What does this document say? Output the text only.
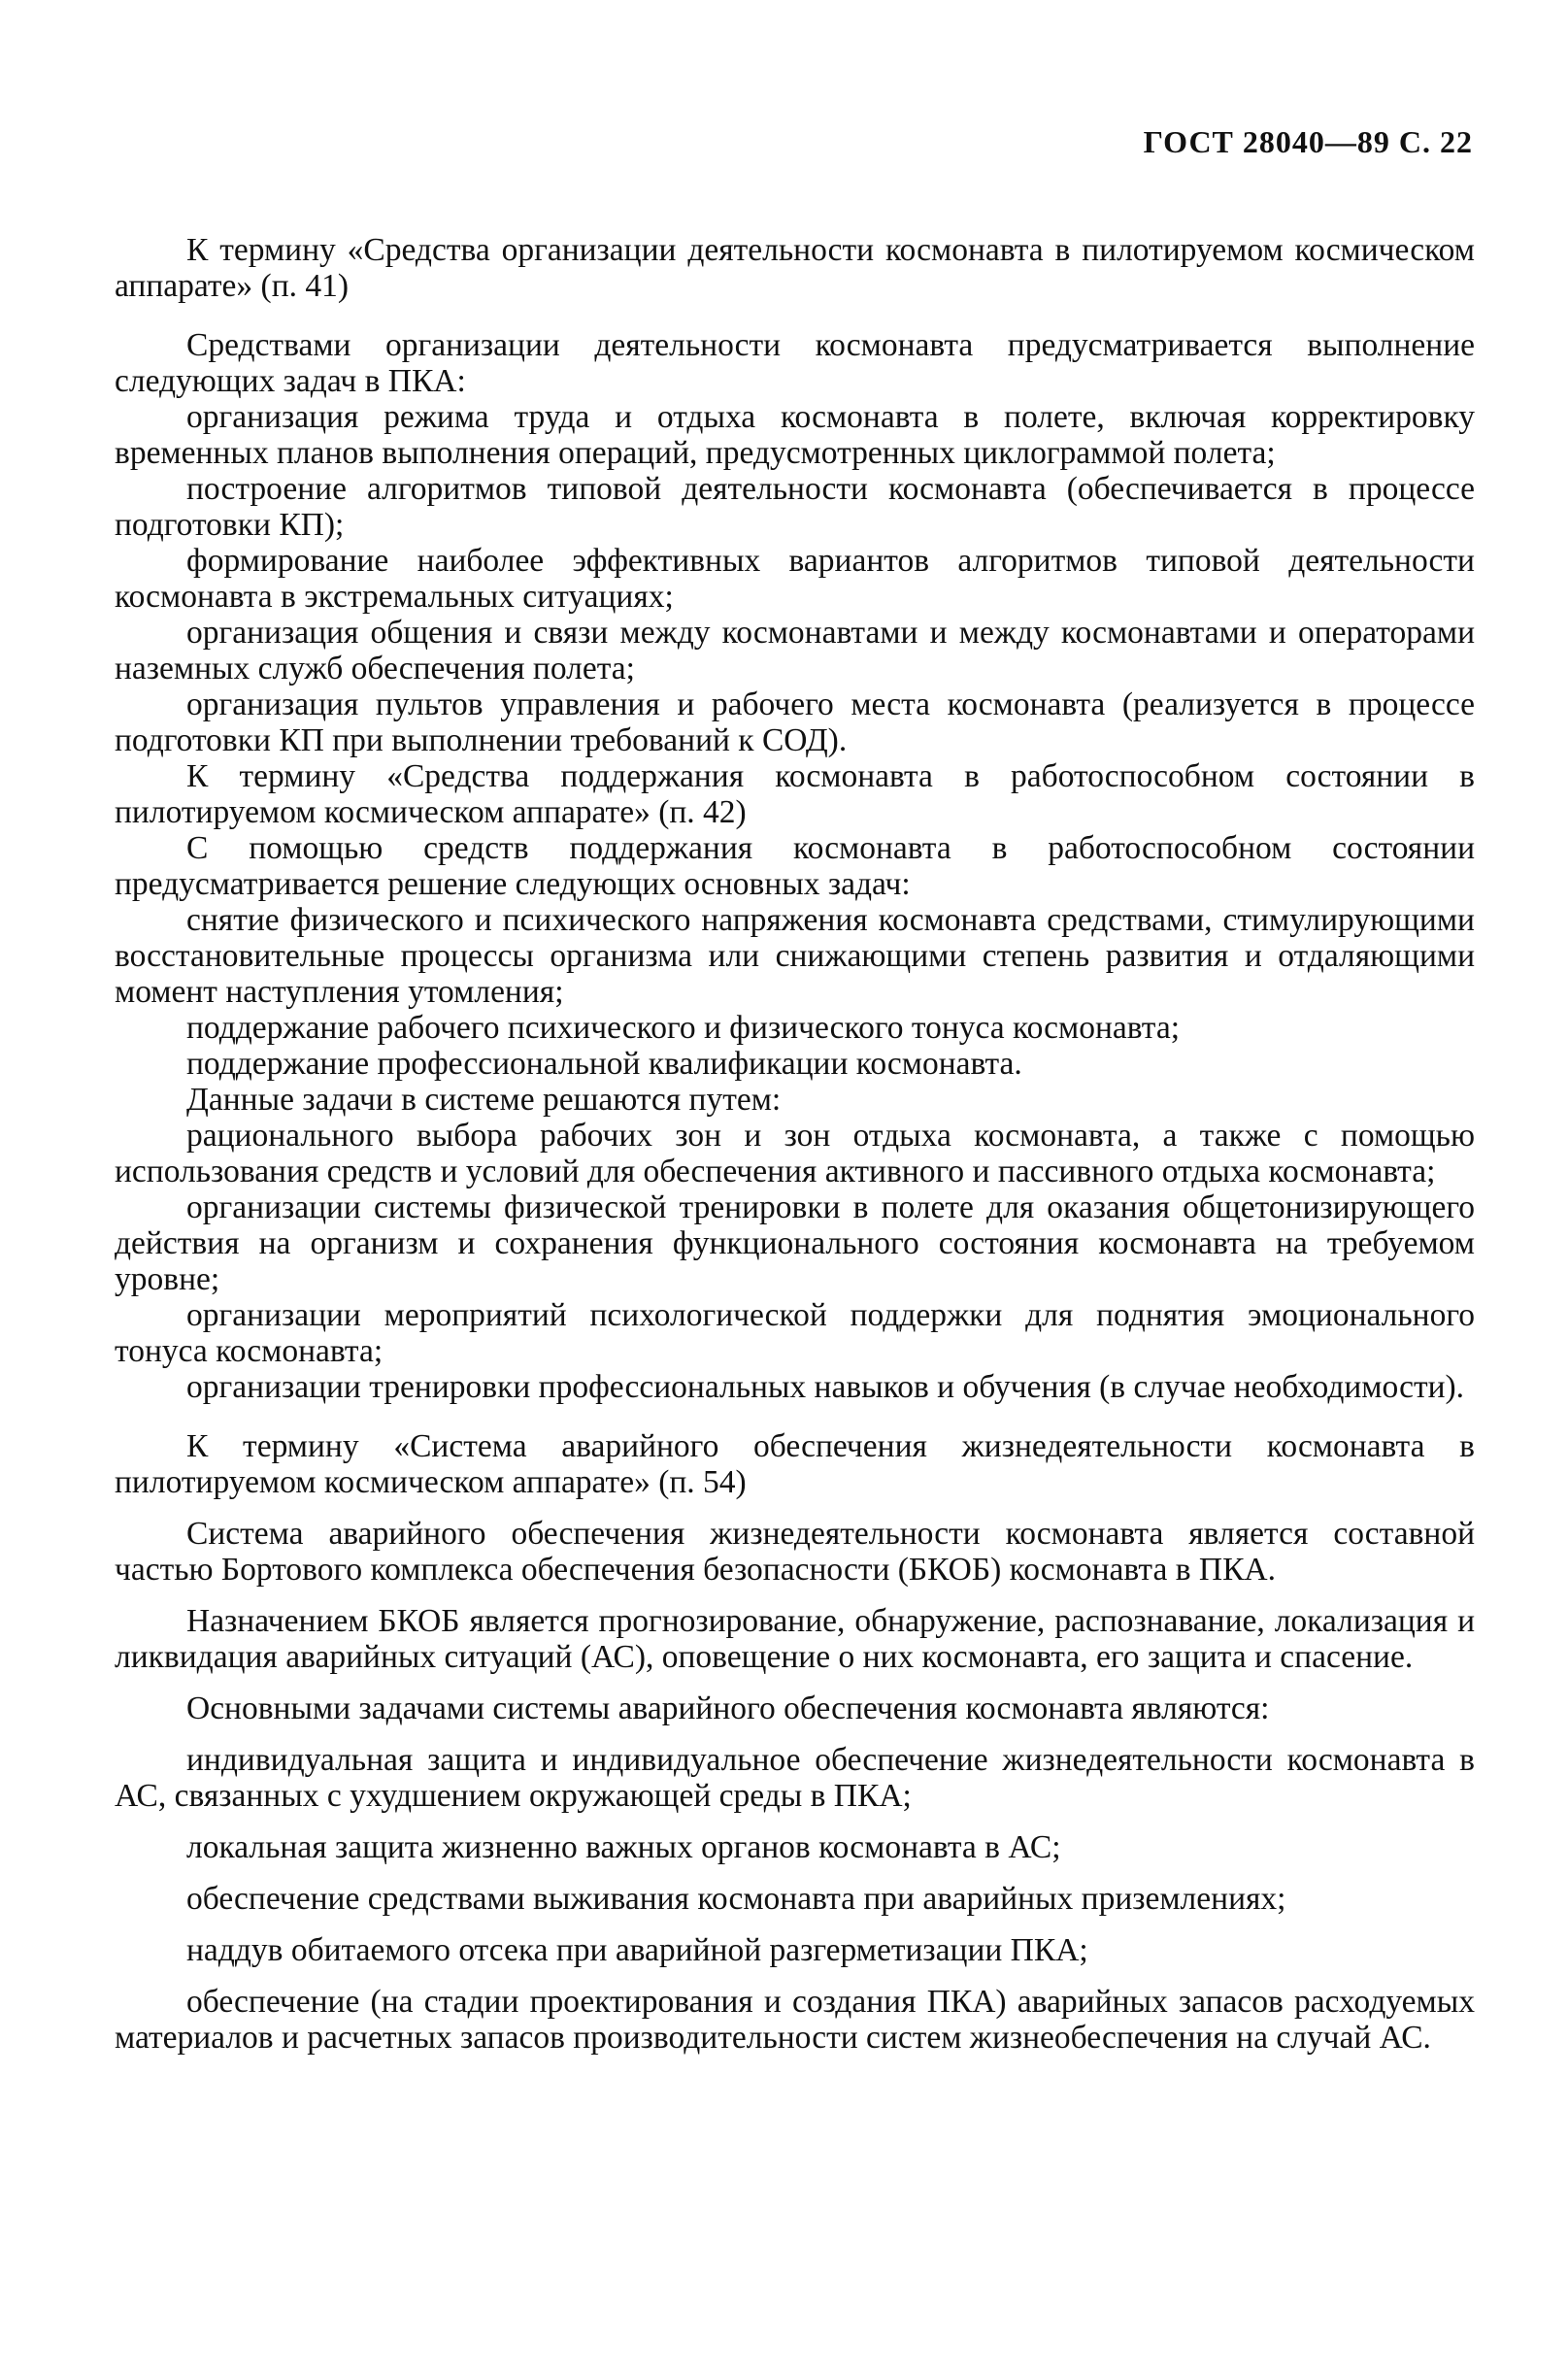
ГОСТ 28040—89 С. 22

К термину «Средства организации деятельности космонавта в пилотируемом космическом аппарате» (п. 41)

Средствами организации деятельности космонавта предусматривается выполнение следующих задач в ПКА:

организация режима труда и отдыха космонавта в полете, включая корректировку временных планов выполнения операций, предусмотренных циклограммой полета;

построение алгоритмов типовой деятельности космонавта (обеспечивается в процессе подготовки КП);

формирование наиболее эффективных вариантов алгоритмов типовой деятельности космонавта в экстремальных ситуациях;

организация общения и связи между космонавтами и между космонавтами и операторами наземных служб обеспечения полета;

организация пультов управления и рабочего места космонавта (реализуется в процессе подготовки КП при выполнении требований к СОД).

К термину «Средства поддержания космонавта в работоспособном состоянии в пилотируемом космическом аппарате» (п. 42)

С помощью средств поддержания космонавта в работоспособном состоянии предусматривается решение следующих основных задач:

снятие физического и психического напряжения космонавта средствами, стимулирующими восстановительные процессы организма или снижающими степень развития и отдаляющими момент наступления утомления;

поддержание рабочего психического и физического тонуса космонавта;

поддержание профессиональной квалификации космонавта.

Данные задачи в системе решаются путем:

рационального выбора рабочих зон и зон отдыха космонавта, а также с помощью использования средств и условий для обеспечения активного и пассивного отдыха космонавта;

организации системы физической тренировки в полете для оказания общетонизирующего действия на организм и сохранения функционального состояния космонавта на требуемом уровне;

организации мероприятий психологической поддержки для поднятия эмоционального тонуса космонавта;

организации тренировки профессиональных навыков и обучения (в случае необходимости).

К термину «Система аварийного обеспечения жизнедеятельности космонавта в пилотируемом космическом аппарате» (п. 54)

Система аварийного обеспечения жизнедеятельности космонавта является составной частью Бортового комплекса обеспечения безопасности (БКОБ) космонавта в ПКА.

Назначением БКОБ является прогнозирование, обнаружение, распознавание, локализация и ликвидация аварийных ситуаций (АС), оповещение о них космонавта, его защита и спасение.

Основными задачами системы аварийного обеспечения космонавта являются:

индивидуальная защита и индивидуальное обеспечение жизнедеятельности космонавта в АС, связанных с ухудшением окружающей среды в ПКА;

локальная защита жизненно важных органов космонавта в АС;

обеспечение средствами выживания космонавта при аварийных приземлениях;

наддув обитаемого отсека при аварийной разгерметизации ПКА;

обеспечение (на стадии проектирования и создания ПКА) аварийных запасов расходуемых материалов и расчетных запасов производительности систем жизнеобеспечения на случай АС.
